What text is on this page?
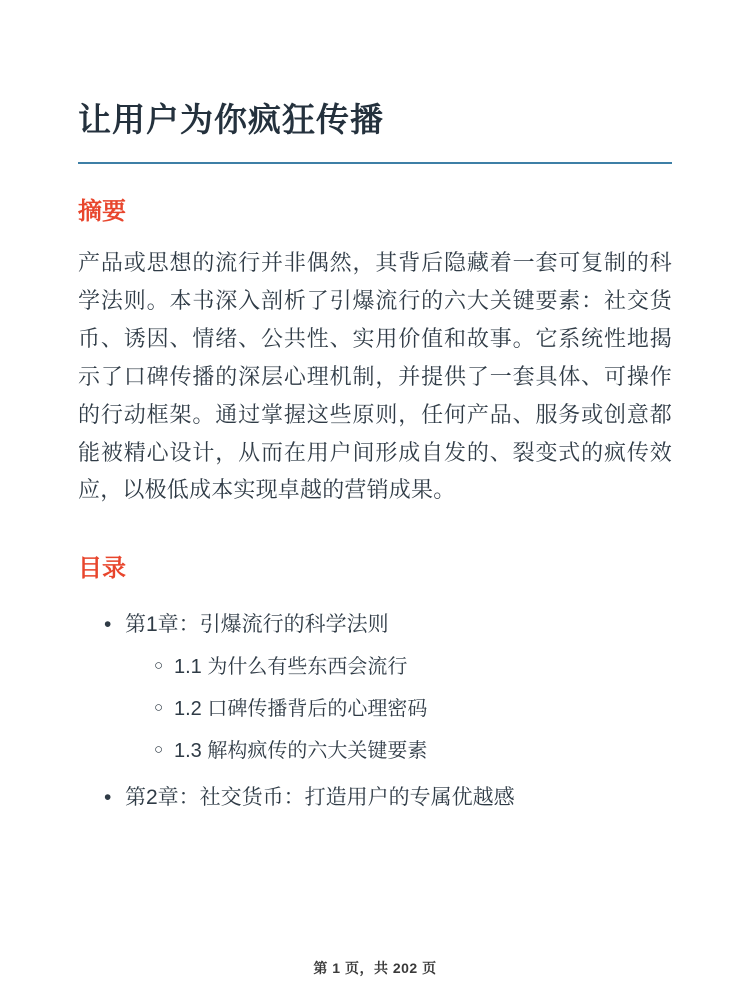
让用户为你疯狂传播
摘要

产品或思想的流行并非偶然，其背后隐藏着一套可复制的科学法则。本书深入剖析了引爆流行的六大关键要素：社交货币、诱因、情绪、公共性、实用价值和故事。它系统性地揭示了口碑传播的深层心理机制，并提供了一套具体、可操作的行动框架。通过掌握这些原则，任何产品、服务或创意都能被精心设计，从而在用户间形成自发的、裂变式的疯传效应，以极低成本实现卓越的营销成果。

目录
• 第1章：引爆流行的科学法则
○ 1.1 为什么有些东西会流行
○ 1.2 口碑传播背后的心理密码
○ 1.3 解构疯传的六大关键要素
• 第2章：社交货币：打造用户的专属优越感
第 1 页，共 202 页
